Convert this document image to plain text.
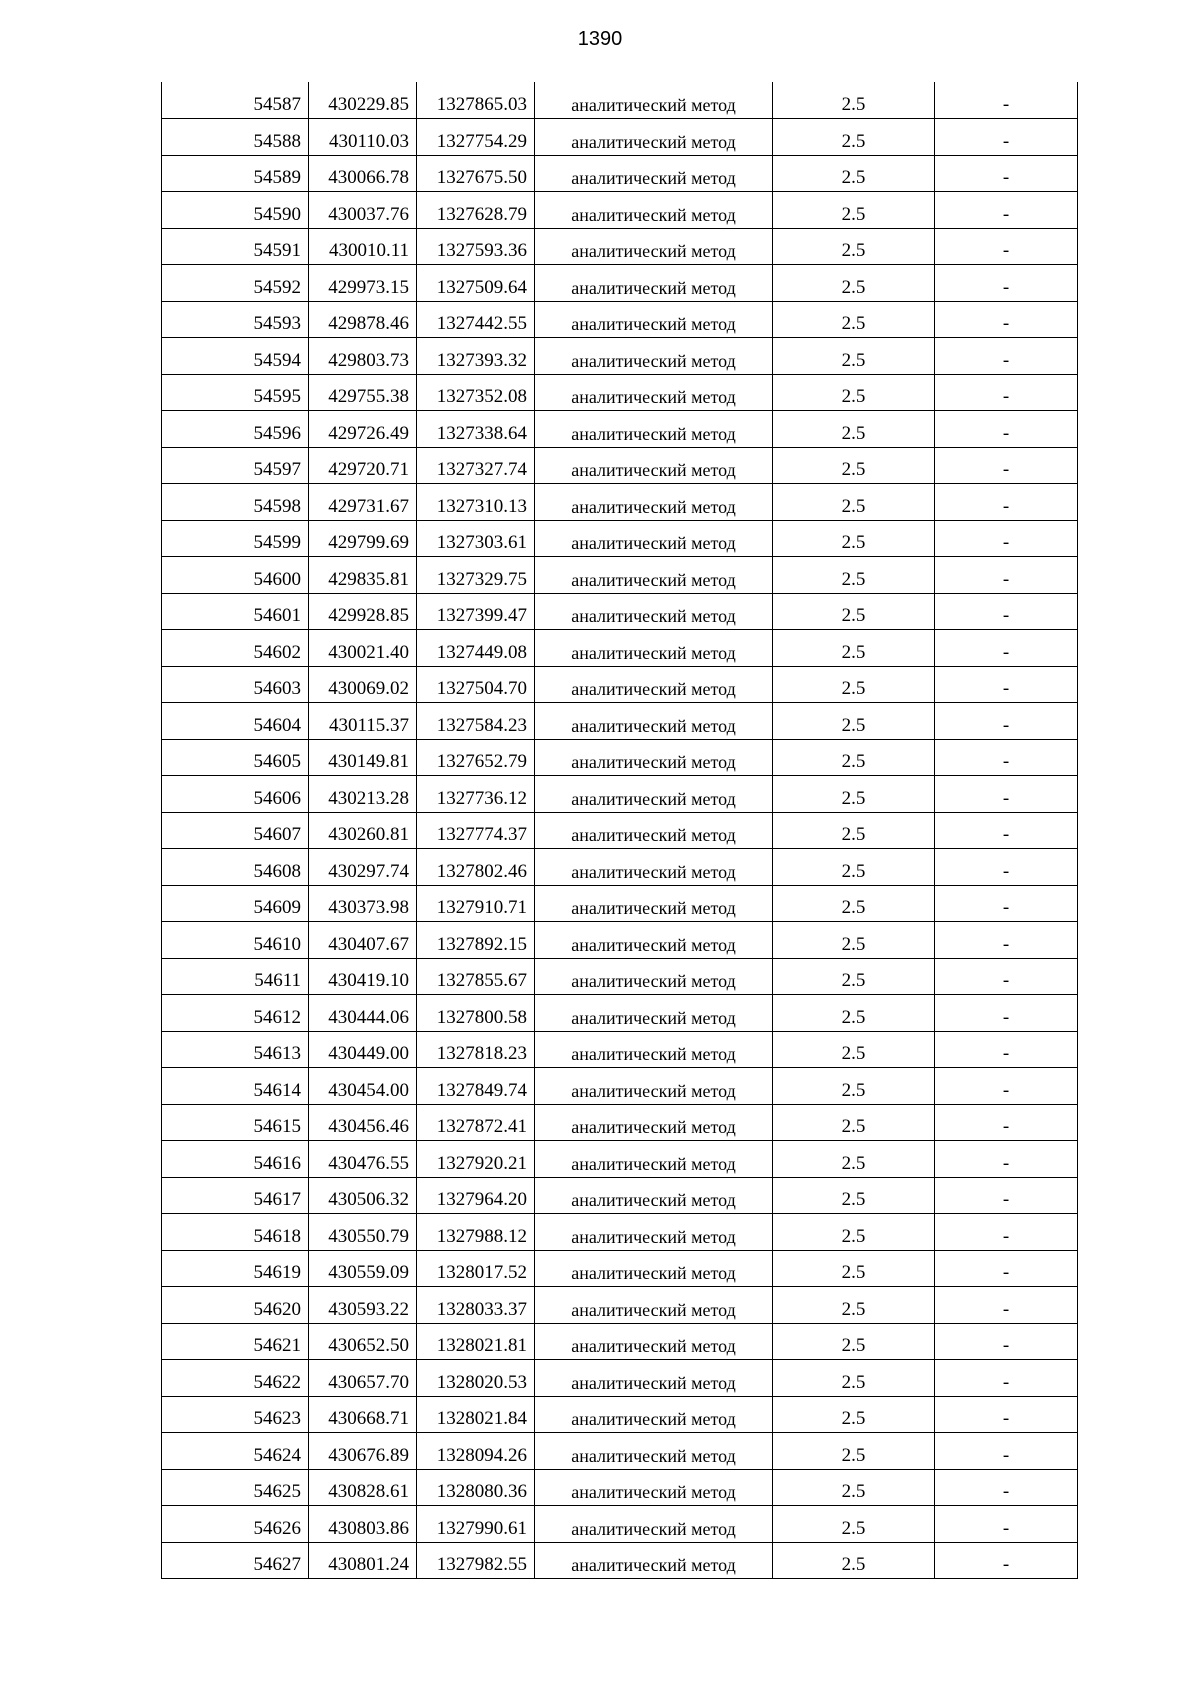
1390
54587	430229.85	1327865.03	аналитический метод	2.5	-
54588	430110.03	1327754.29	аналитический метод	2.5	-
54589	430066.78	1327675.50	аналитический метод	2.5	-
54590	430037.76	1327628.79	аналитический метод	2.5	-
54591	430010.11	1327593.36	аналитический метод	2.5	-
54592	429973.15	1327509.64	аналитический метод	2.5	-
54593	429878.46	1327442.55	аналитический метод	2.5	-
54594	429803.73	1327393.32	аналитический метод	2.5	-
54595	429755.38	1327352.08	аналитический метод	2.5	-
54596	429726.49	1327338.64	аналитический метод	2.5	-
54597	429720.71	1327327.74	аналитический метод	2.5	-
54598	429731.67	1327310.13	аналитический метод	2.5	-
54599	429799.69	1327303.61	аналитический метод	2.5	-
54600	429835.81	1327329.75	аналитический метод	2.5	-
54601	429928.85	1327399.47	аналитический метод	2.5	-
54602	430021.40	1327449.08	аналитический метод	2.5	-
54603	430069.02	1327504.70	аналитический метод	2.5	-
54604	430115.37	1327584.23	аналитический метод	2.5	-
54605	430149.81	1327652.79	аналитический метод	2.5	-
54606	430213.28	1327736.12	аналитический метод	2.5	-
54607	430260.81	1327774.37	аналитический метод	2.5	-
54608	430297.74	1327802.46	аналитический метод	2.5	-
54609	430373.98	1327910.71	аналитический метод	2.5	-
54610	430407.67	1327892.15	аналитический метод	2.5	-
54611	430419.10	1327855.67	аналитический метод	2.5	-
54612	430444.06	1327800.58	аналитический метод	2.5	-
54613	430449.00	1327818.23	аналитический метод	2.5	-
54614	430454.00	1327849.74	аналитический метод	2.5	-
54615	430456.46	1327872.41	аналитический метод	2.5	-
54616	430476.55	1327920.21	аналитический метод	2.5	-
54617	430506.32	1327964.20	аналитический метод	2.5	-
54618	430550.79	1327988.12	аналитический метод	2.5	-
54619	430559.09	1328017.52	аналитический метод	2.5	-
54620	430593.22	1328033.37	аналитический метод	2.5	-
54621	430652.50	1328021.81	аналитический метод	2.5	-
54622	430657.70	1328020.53	аналитический метод	2.5	-
54623	430668.71	1328021.84	аналитический метод	2.5	-
54624	430676.89	1328094.26	аналитический метод	2.5	-
54625	430828.61	1328080.36	аналитический метод	2.5	-
54626	430803.86	1327990.61	аналитический метод	2.5	-
54627	430801.24	1327982.55	аналитический метод	2.5	-
